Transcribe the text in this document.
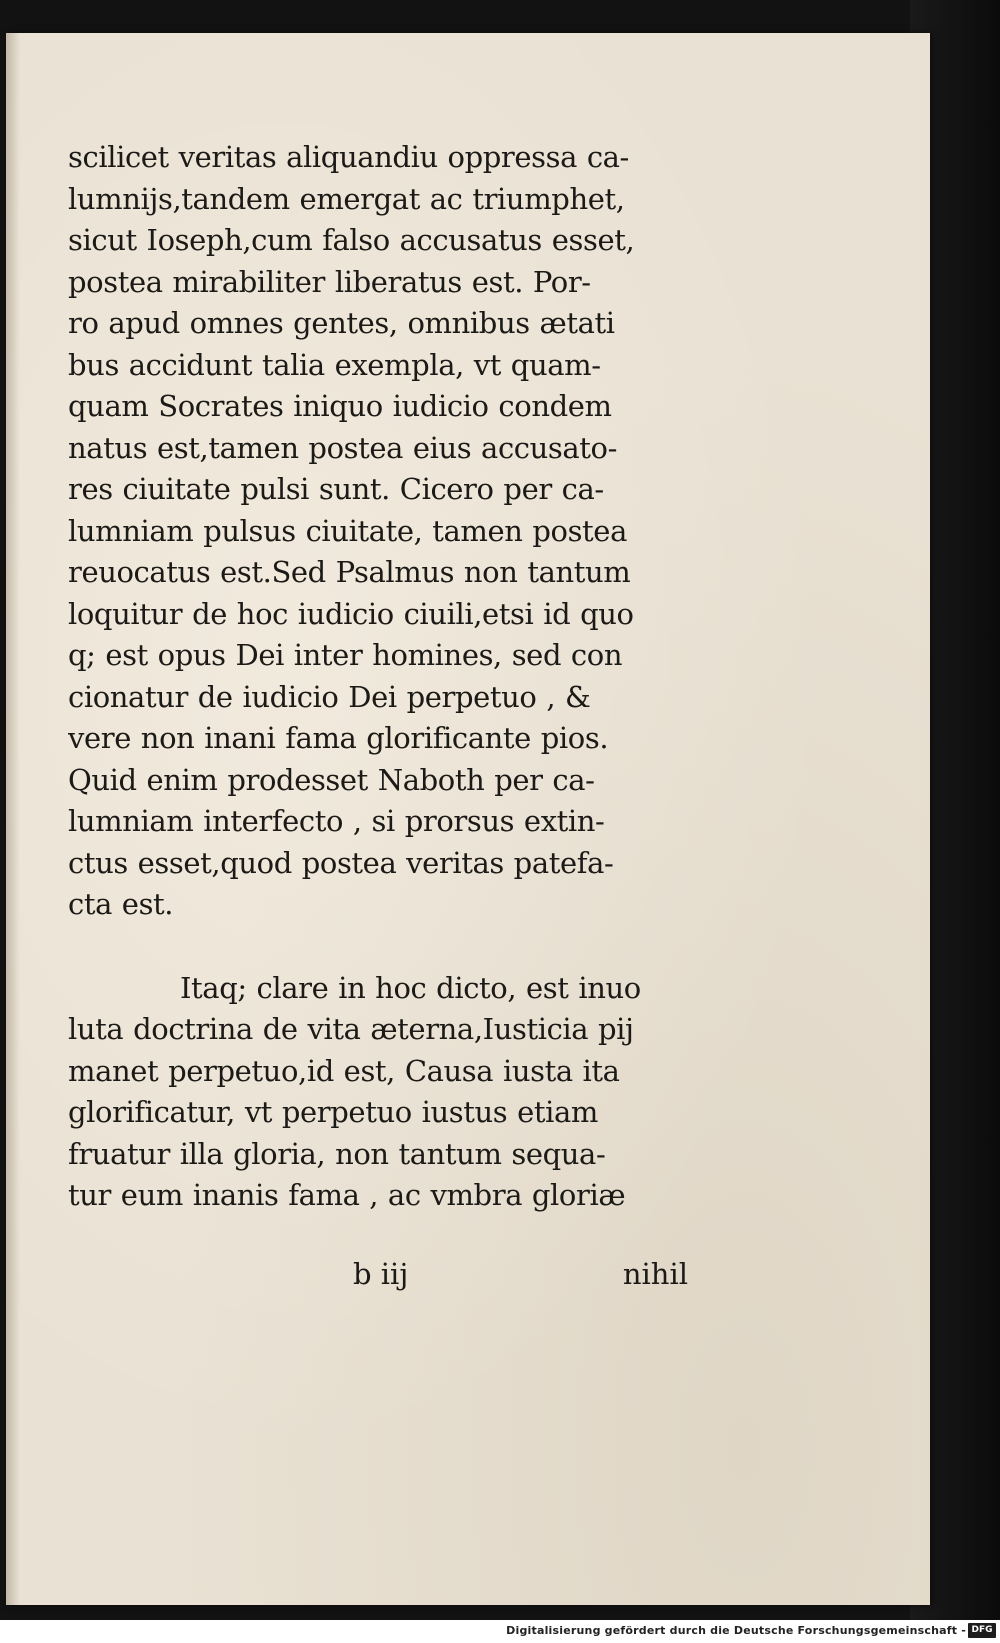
scilicet veritas aliquandiu oppressa ca-
lumnijs,tandem emergat ac triumphet,
sicut Ioseph,cum falso accusatus esset,
postea mirabiliter liberatus est. Por-
ro apud omnes gentes, omnibus ætati
bus accidunt talia exempla, vt quam-
quam Socrates iniquo iudicio condem
natus est,tamen postea eius accusato-
res ciuitate pulsi sunt. Cicero per ca-
lumniam pulsus ciuitate, tamen postea
reuocatus est.Sed Psalmus non tantum
loquitur de hoc iudicio ciuili,etsi id quo
q; est opus Dei inter homines, sed con
cionatur de iudicio Dei perpetuo , &
vere non inani fama glorificante pios.
Quid enim prodesset Naboth per ca-
lumniam interfecto , si prorsus extin-
ctus esset,quod postea veritas patefa-
cta est.
Itaq; clare in hoc dicto, est inuo
luta doctrina de vita æterna,Iusticia pij
manet perpetuo,id est, Causa iusta ita
glorificatur, vt perpetuo iustus etiam
fruatur illa gloria, non tantum sequa-
tur eum inanis fama , ac vmbra gloriæ
b iij	nihil
Digitalisierung gefördert durch die Deutsche Forschungsgemeinschaft - DFG
